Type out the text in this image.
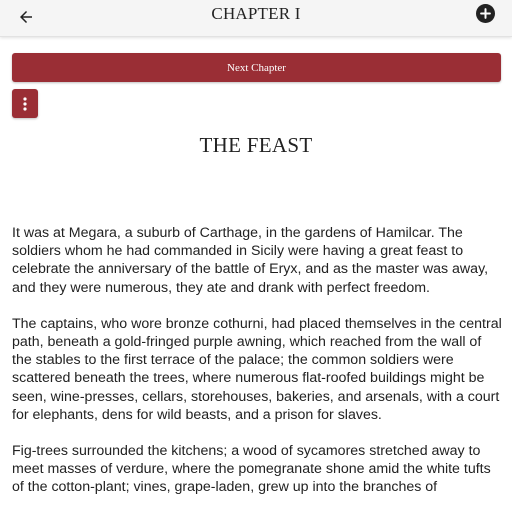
CHAPTER I
Next Chapter
THE FEAST

It was at Megara, a suburb of Carthage, in the gardens of Hamilcar. The soldiers whom he had commanded in Sicily were having a great feast to celebrate the anniversary of the battle of Eryx, and as the master was away, and they were numerous, they ate and drank with perfect freedom.

The captains, who wore bronze cothurni, had placed themselves in the central path, beneath a gold-fringed purple awning, which reached from the wall of the stables to the first terrace of the palace; the common soldiers were scattered beneath the trees, where numerous flat-roofed buildings might be seen, wine-presses, cellars, storehouses, bakeries, and arsenals, with a court for elephants, dens for wild beasts, and a prison for slaves.

Fig-trees surrounded the kitchens; a wood of sycamores stretched away to meet masses of verdure, where the pomegranate shone amid the white tufts of the cotton-plant; vines, grape-laden, grew up into the branches of
